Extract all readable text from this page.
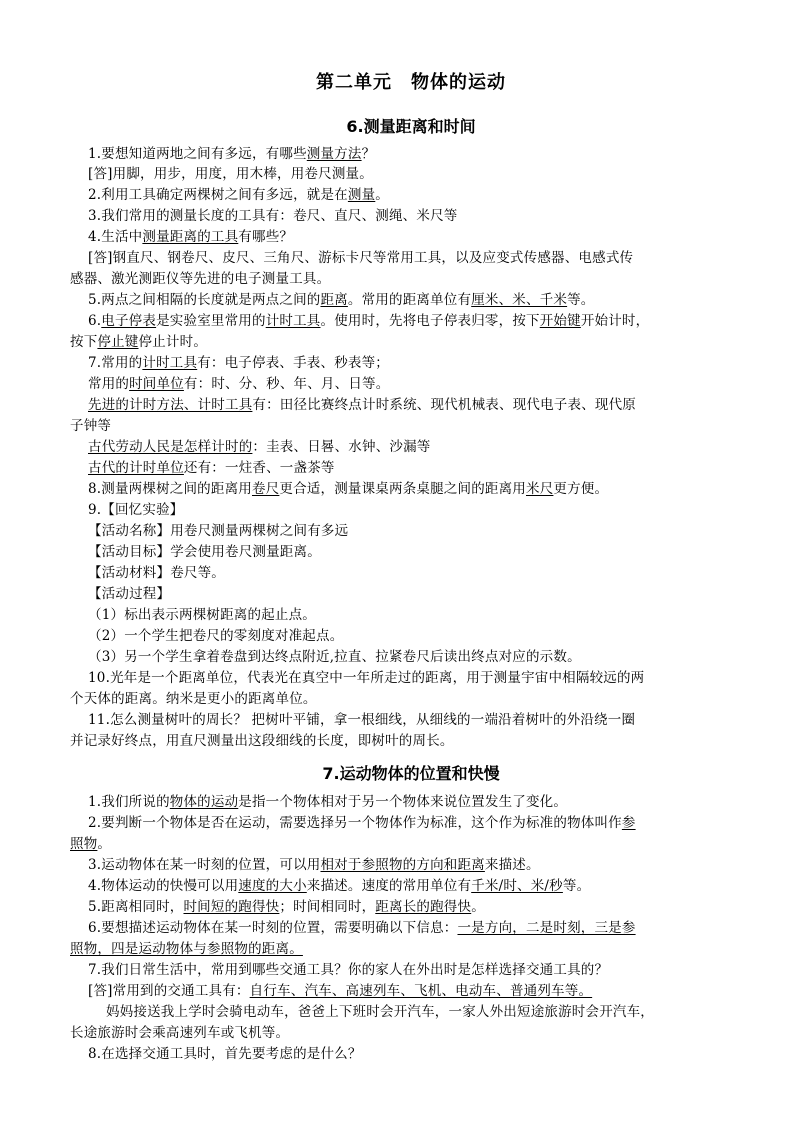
第二单元　物体的运动
6.测量距离和时间
1.要想知道两地之间有多远，有哪些测量方法？
[答]用脚，用步，用度，用木棒，用卷尺测量。
2.利用工具确定两棵树之间有多远，就是在测量。
3.我们常用的测量长度的工具有：卷尺、直尺、测绳、米尺等
4.生活中测量距离的工具有哪些？
[答]钢直尺、钢卷尺、皮尺、三角尺、游标卡尺等常用工具，以及应变式传感器、电感式传
感器、激光测距仪等先进的电子测量工具。
5.两点之间相隔的长度就是两点之间的距离。常用的距离单位有厘米、米、千米等。
6.电子停表是实验室里常用的计时工具。使用时，先将电子停表归零，按下开始键开始计时，
按下停止键停止计时。
7.常用的计时工具有：电子停表、手表、秒表等；
常用的时间单位有：时、分、秒、年、月、日等。
先进的计时方法、计时工具有：田径比赛终点计时系统、现代机械表、现代电子表、现代原
子钟等
古代劳动人民是怎样计时的：圭表、日晷、水钟、沙漏等
古代的计时单位还有：一炷香、一盏茶等
8.测量两棵树之间的距离用卷尺更合适，测量课桌两条桌腿之间的距离用米尺更方便。
9.【回忆实验】
【活动名称】用卷尺测量两棵树之间有多远
【活动目标】学会使用卷尺测量距离。
【活动材料】卷尺等。
【活动过程】
（1）标出表示两棵树距离的起止点。
（2）一个学生把卷尺的零刻度对准起点。
（3）另一个学生拿着卷盘到达终点附近,拉直、拉紧卷尺后读出终点对应的示数。
10.光年是一个距离单位，代表光在真空中一年所走过的距离，用于测量宇宙中相隔较远的两
个天体的距离。纳米是更小的距离单位。
11.怎么测量树叶的周长？ 把树叶平铺，拿一根细线，从细线的一端沿着树叶的外沿绕一圈
并记录好终点，用直尺测量出这段细线的长度，即树叶的周长。
7.运动物体的位置和快慢
1.我们所说的物体的运动是指一个物体相对于另一个物体来说位置发生了变化。
2.要判断一个物体是否在运动，需要选择另一个物体作为标准，这个作为标准的物体叫作参
照物。
3.运动物体在某一时刻的位置，可以用相对于参照物的方向和距离来描述。
4.物体运动的快慢可以用速度的大小来描述。速度的常用单位有千米/时、米/秒等。
5.距离相同时，时间短的跑得快；时间相同时，距离长的跑得快。
6.要想描述运动物体在某一时刻的位置，需要明确以下信息：一是方向，二是时刻，三是参
照物，四是运动物体与参照物的距离。
7.我们日常生活中，常用到哪些交通工具？你的家人在外出时是怎样选择交通工具的？
[答]常用到的交通工具有：自行车、汽车、高速列车、飞机、电动车、普通列车等。
妈妈接送我上学时会骑电动车，爸爸上下班时会开汽车，一家人外出短途旅游时会开汽车，
长途旅游时会乘高速列车或飞机等。
8.在选择交通工具时，首先要考虑的是什么？
